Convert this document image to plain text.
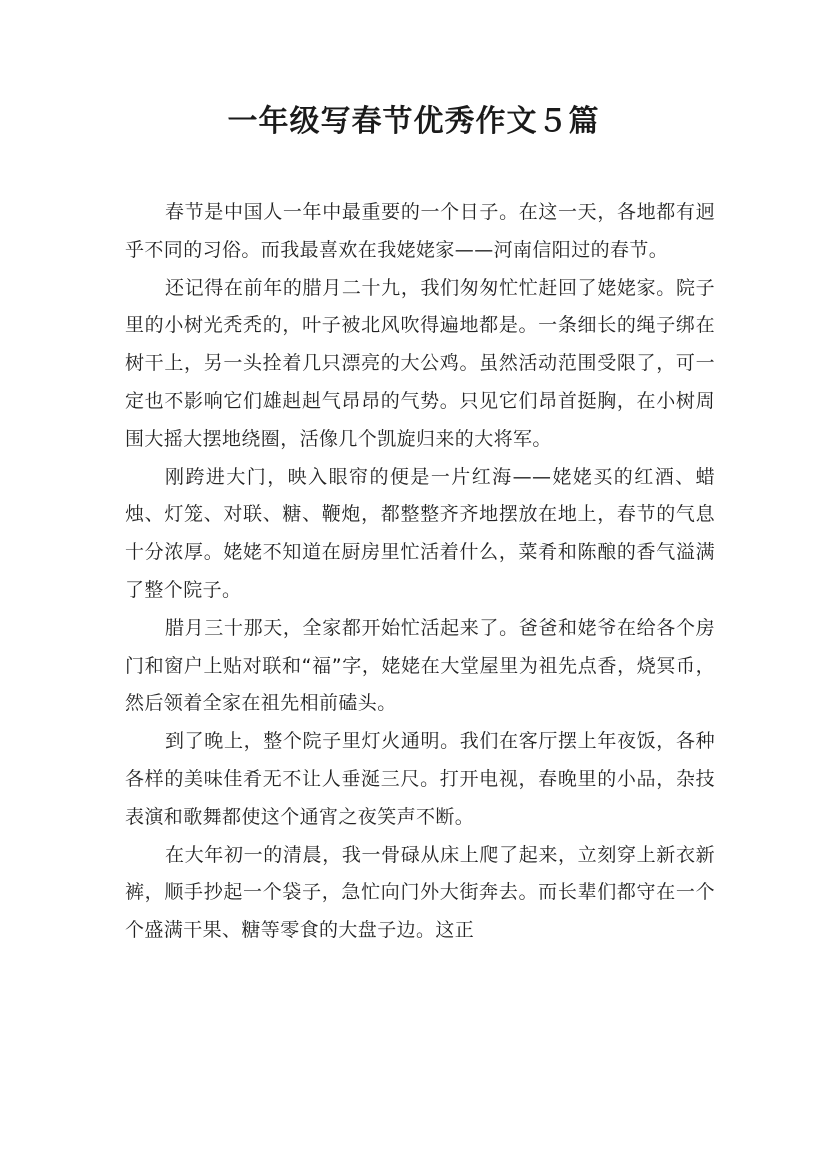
一年级写春节优秀作文５篇

春节是中国人一年中最重要的一个日子。在这一天，各地都有迥乎不同的习俗。而我最喜欢在我姥姥家——河南信阳过的春节。

还记得在前年的腊月二十九，我们匆匆忙忙赶回了姥姥家。院子里的小树光秃秃的，叶子被北风吹得遍地都是。一条细长的绳子绑在树干上，另一头拴着几只漂亮的大公鸡。虽然活动范围受限了，可一定也不影响它们雄赳赳气昂昂的气势。只见它们昂首挺胸，在小树周围大摇大摆地绕圈，活像几个凯旋归来的大将军。

刚跨进大门，映入眼帘的便是一片红海——姥姥买的红酒、蜡烛、灯笼、对联、糖、鞭炮，都整整齐齐地摆放在地上，春节的气息十分浓厚。姥姥不知道在厨房里忙活着什么，菜肴和陈酿的香气溢满了整个院子。

腊月三十那天，全家都开始忙活起来了。爸爸和姥爷在给各个房门和窗户上贴对联和“福”字，姥姥在大堂屋里为祖先点香，烧冥币，然后领着全家在祖先相前磕头。

到了晚上，整个院子里灯火通明。我们在客厅摆上年夜饭，各种各样的美味佳肴无不让人垂涎三尺。打开电视，春晚里的小品，杂技表演和歌舞都使这个通宵之夜笑声不断。

在大年初一的清晨，我一骨碌从床上爬了起来，立刻穿上新衣新裤，顺手抄起一个袋子，急忙向门外大街奔去。而长辈们都守在一个个盛满干果、糖等零食的大盘子边。这正
